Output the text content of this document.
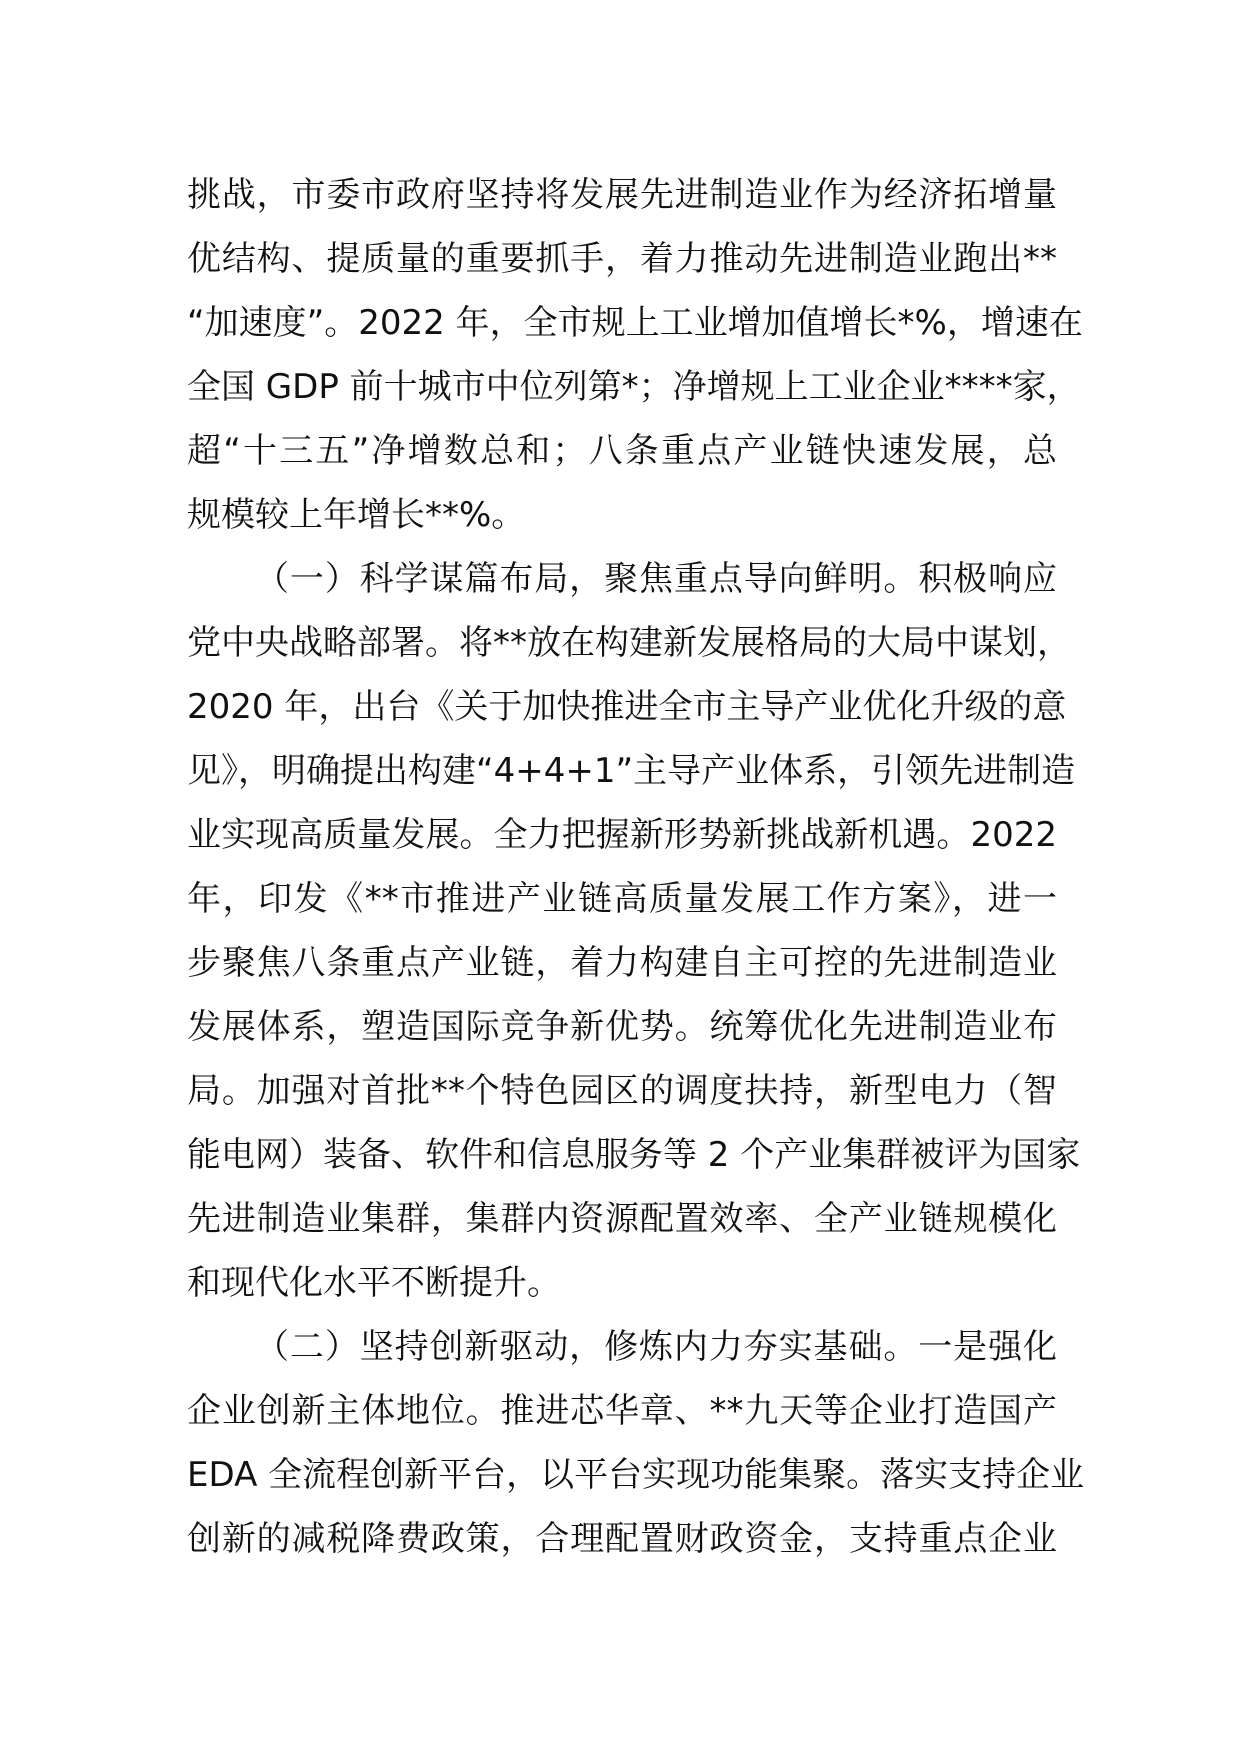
挑战，市委市政府坚持将发展先进制造业作为经济拓增量
优结构、提质量的重要抓手，着力推动先进制造业跑出**
“加速度”。2022 年，全市规上工业增加值增长*%，增速在
全国 GDP 前十城市中位列第*；净增规上工业企业****家，
超“十三五”净增数总和；八条重点产业链快速发展，总
规模较上年增长**%。
（一）科学谋篇布局，聚焦重点导向鲜明。积极响应
党中央战略部署。将**放在构建新发展格局的大局中谋划，
2020 年，出台《关于加快推进全市主导产业优化升级的意
见》，明确提出构建“4+4+1”主导产业体系，引领先进制造
业实现高质量发展。全力把握新形势新挑战新机遇。2022
年，印发《**市推进产业链高质量发展工作方案》，进一
步聚焦八条重点产业链，着力构建自主可控的先进制造业
发展体系，塑造国际竞争新优势。统筹优化先进制造业布
局。加强对首批**个特色园区的调度扶持，新型电力（智
能电网）装备、软件和信息服务等 2 个产业集群被评为国家
先进制造业集群，集群内资源配置效率、全产业链规模化
和现代化水平不断提升。
（二）坚持创新驱动，修炼内力夯实基础。一是强化
企业创新主体地位。推进芯华章、**九天等企业打造国产
EDA 全流程创新平台，以平台实现功能集聚。落实支持企业
创新的减税降费政策，合理配置财政资金，支持重点企业
